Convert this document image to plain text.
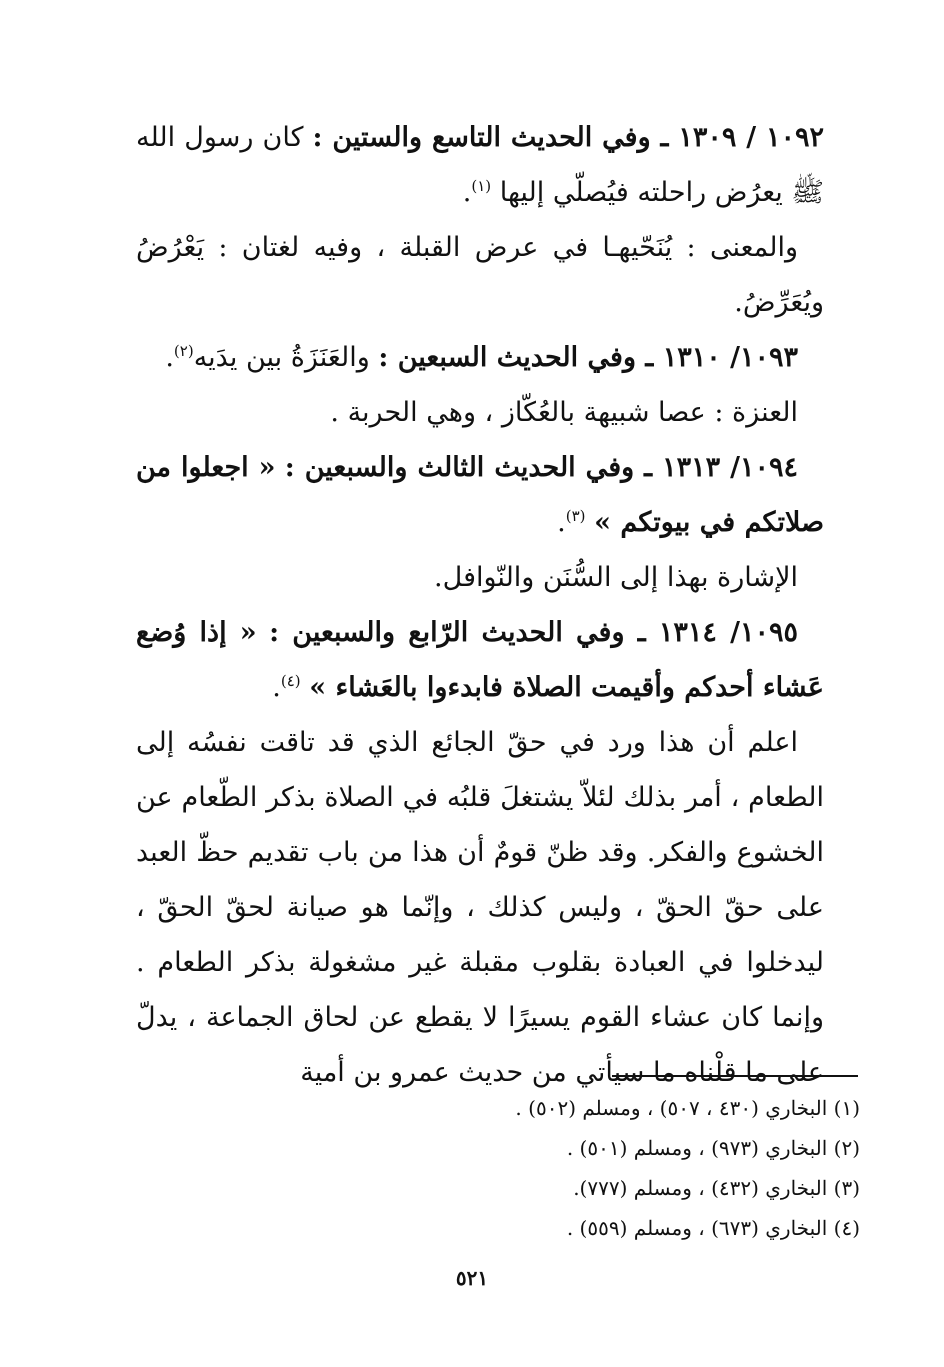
١٠٩٢ / ١٣٠٩ ـ وفي الحديث التاسع والستين : كان رسول الله ﷺ يعرُض راحلته فيُصلّي إليها $^{(١)}$.

والمعنى : يُنَحّيهـا في عرض القبلة ، وفيه لغتان : يَعْرُضُ ويُعَرِّضُ.

١٠٩٣/ ١٣١٠ ـ وفي الحديث السبعين : والعَنَزَةُ بين يدَيه$^{(٢)}$.

العنزة : عصا شبيهة بالعُكّاز ، وهي الحربة .

١٠٩٤/ ١٣١٣ ـ وفي الحديث الثالث والسبعين : « اجعلوا من صلاتكم في بيوتكم » $^{(٣)}$.

الإشارة بهذا إلى السُّنَن والنّوافل.

١٠٩٥/ ١٣١٤ ـ وفي الحديث الرّابع والسبعين : « إذا وُضع عَشاء أحدكم وأقيمت الصلاة فابدءوا بالعَشاء » $^{(٤)}$.

اعلم أن هذا ورد في حقّ الجائع الذي قد تاقت نفسُه إلى الطعام ، أمر بذلك لئلاّ يشتغلَ قلبُه في الصلاة بذكر الطّعام عن الخشوع والفكر. وقد ظنّ قومٌ أن هذا من باب تقديم حظّ العبد على حقّ الحقّ ، وليس كذلك ، وإنّما هو صيانة لحقّ الحقّ ، ليدخلوا في العبادة بقلوب مقبلة غير مشغولة بذكر الطعام . وإنما كان عشاء القوم يسيرًا لا يقطع عن لحاق الجماعة ، يدلّ على ما قلْناه ما سيأتي من حديث عمرو بن أمية

(١) البخاري (٤٣٠ ، ٥٠٧) ، ومسلم (٥٠٢) .

(٢) البخاري (٩٧٣) ، ومسلم (٥٠١) .

(٣) البخاري (٤٣٢) ، ومسلم (٧٧٧).

(٤) البخاري (٦٧٣) ، ومسلم (٥٥٩) .

٥٢١
